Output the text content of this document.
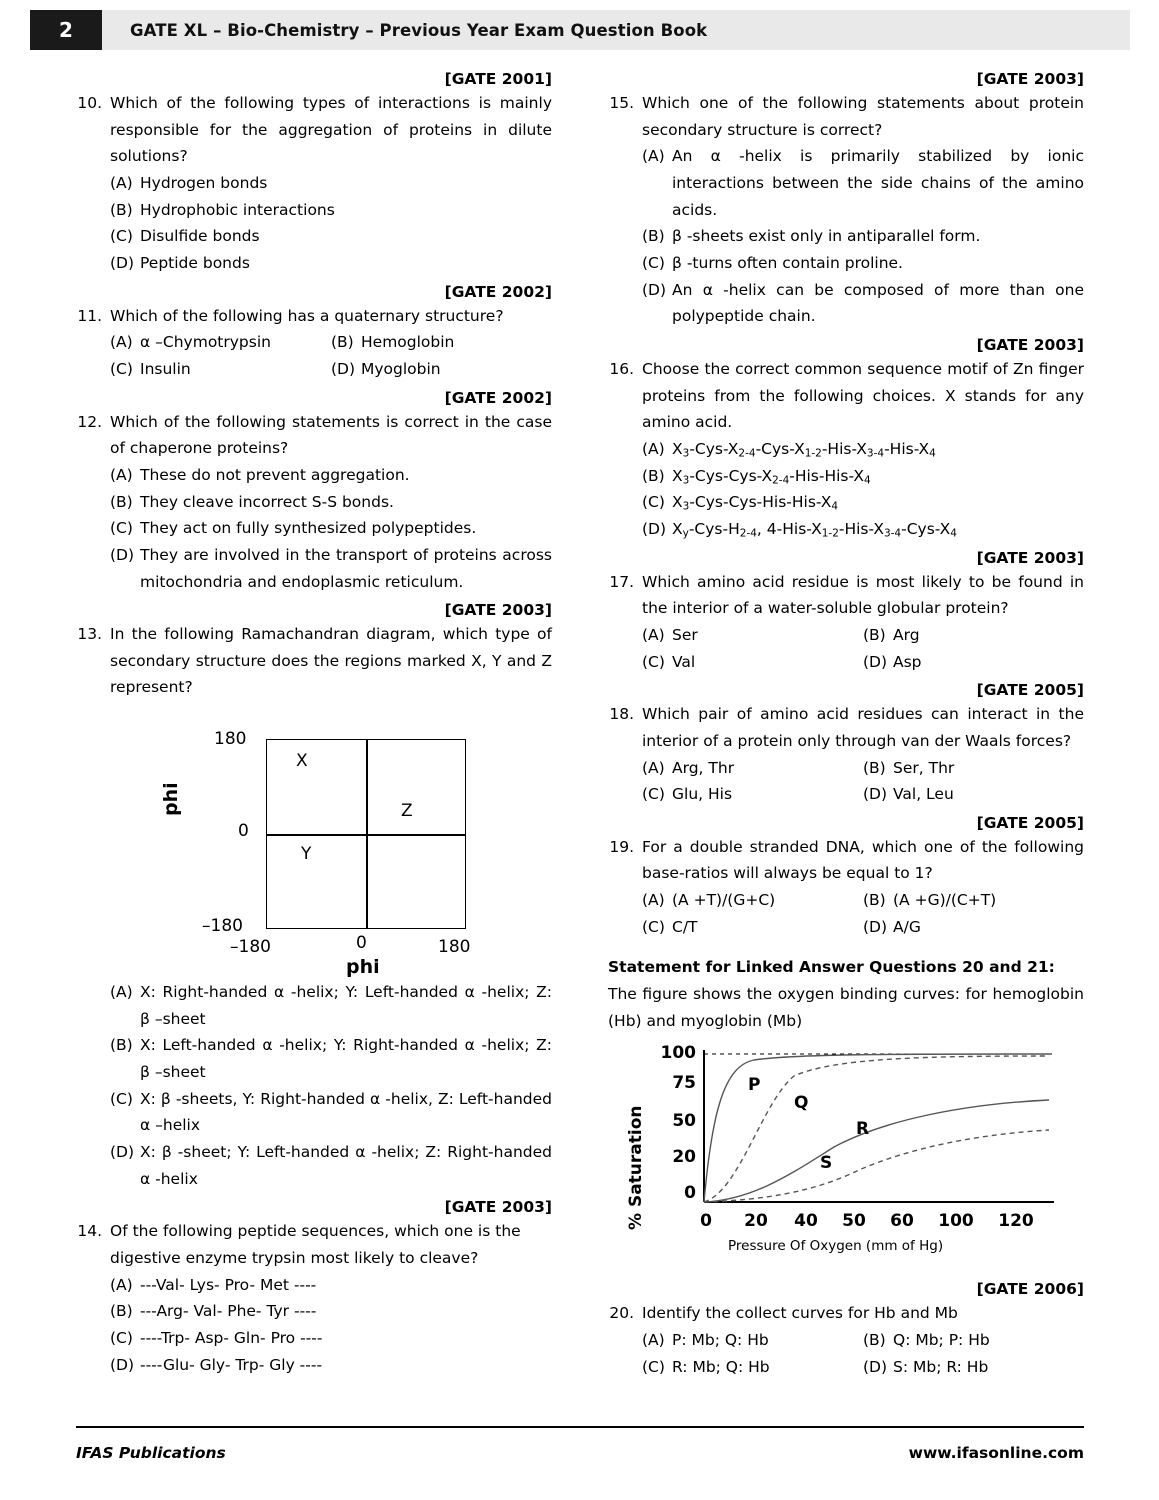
2	GATE XL – Bio-Chemistry – Previous Year Exam Question Book
[GATE 2001]
10. Which of the following types of interactions is mainly responsible for the aggregation of proteins in dilute solutions?
(A) Hydrogen bonds
(B) Hydrophobic interactions
(C) Disulfide bonds
(D) Peptide bonds
[GATE 2002]
11. Which of the following has a quaternary structure?
(A) α –Chymotrypsin	(B) Hemoglobin
(C) Insulin	(D) Myoglobin
[GATE 2002]
12. Which of the following statements is correct in the case of chaperone proteins?
(A) These do not prevent aggregation.
(B) They cleave incorrect S-S bonds.
(C) They act on fully synthesized polypeptides.
(D) They are involved in the transport of proteins across mitochondria and endoplasmic reticulum.
[GATE 2003]
13. In the following Ramachandran diagram, which type of secondary structure does the regions marked X, Y and Z represent?
phi
180
0
–180
X
Y
Z
–180	0	180
phi
(A) X: Right-handed α -helix; Y: Left-handed α -helix; Z: β –sheet
(B) X: Left-handed α -helix; Y: Right-handed α -helix; Z: β –sheet
(C) X: β -sheets, Y: Right-handed α -helix, Z: Left-handed α –helix
(D) X: β -sheet; Y: Left-handed α -helix; Z: Right-handed α -helix
[GATE 2003]
14. Of the following peptide sequences, which one is the digestive enzyme trypsin most likely to cleave?
(A) ---Val- Lys- Pro- Met ----
(B) ---Arg- Val- Phe- Tyr ----
(C) ----Trp- Asp- Gln- Pro ----
(D) ----Glu- Gly- Trp- Gly ----
[GATE 2003]
15. Which one of the following statements about protein secondary structure is correct?
(A) An α -helix is primarily stabilized by ionic interactions between the side chains of the amino acids.
(B) β -sheets exist only in antiparallel form.
(C) β -turns often contain proline.
(D) An α -helix can be composed of more than one polypeptide chain.
[GATE 2003]
16. Choose the correct common sequence motif of Zn finger proteins from the following choices. X stands for any amino acid.
(A) $X_3-Cys-X_{2-4}-Cys-X_{1-2}-His-X_{3-4}-His-X_4$
(B) $X_3-Cys-Cys-X_{2-4}-His-His-X_4$
(C) $X_3-Cys-Cys-His-His-X_4$
(D) $X_y-Cys-H_{2-4}$, $4-His-X_{1-2}-His-X_{3-4}-Cys-X_4$
[GATE 2003]
17. Which amino acid residue is most likely to be found in the interior of a water-soluble globular protein?
(A) Ser	(B) Arg
(C) Val	(D) Asp
[GATE 2005]
18. Which pair of amino acid residues can interact in the interior of a protein only through van der Waals forces?
(A) Arg, Thr	(B) Ser, Thr
(C) Glu, His	(D) Val, Leu
[GATE 2005]
19. For a double stranded DNA, which one of the following base-ratios will always be equal to 1?
(A) (A +T)/(G+C)	(B) (A +G)/(C+T)
(C) C/T	(D) A/G
Statement for Linked Answer Questions 20 and 21:
The figure shows the oxygen binding curves: for hemoglobin (Hb) and myoglobin (Mb)
% Saturation
100
75
50
20
0
0 20 40 50 60 100 120
P
Q
R
S
Pressure Of Oxygen (mm of Hg)
[GATE 2006]
20. Identify the collect curves for Hb and Mb
(A) P: Mb; Q: Hb	(B) Q: Mb; P: Hb
(C) R: Mb; Q: Hb	(D) S: Mb; R: Hb
IFAS Publications	www.ifasonline.com
